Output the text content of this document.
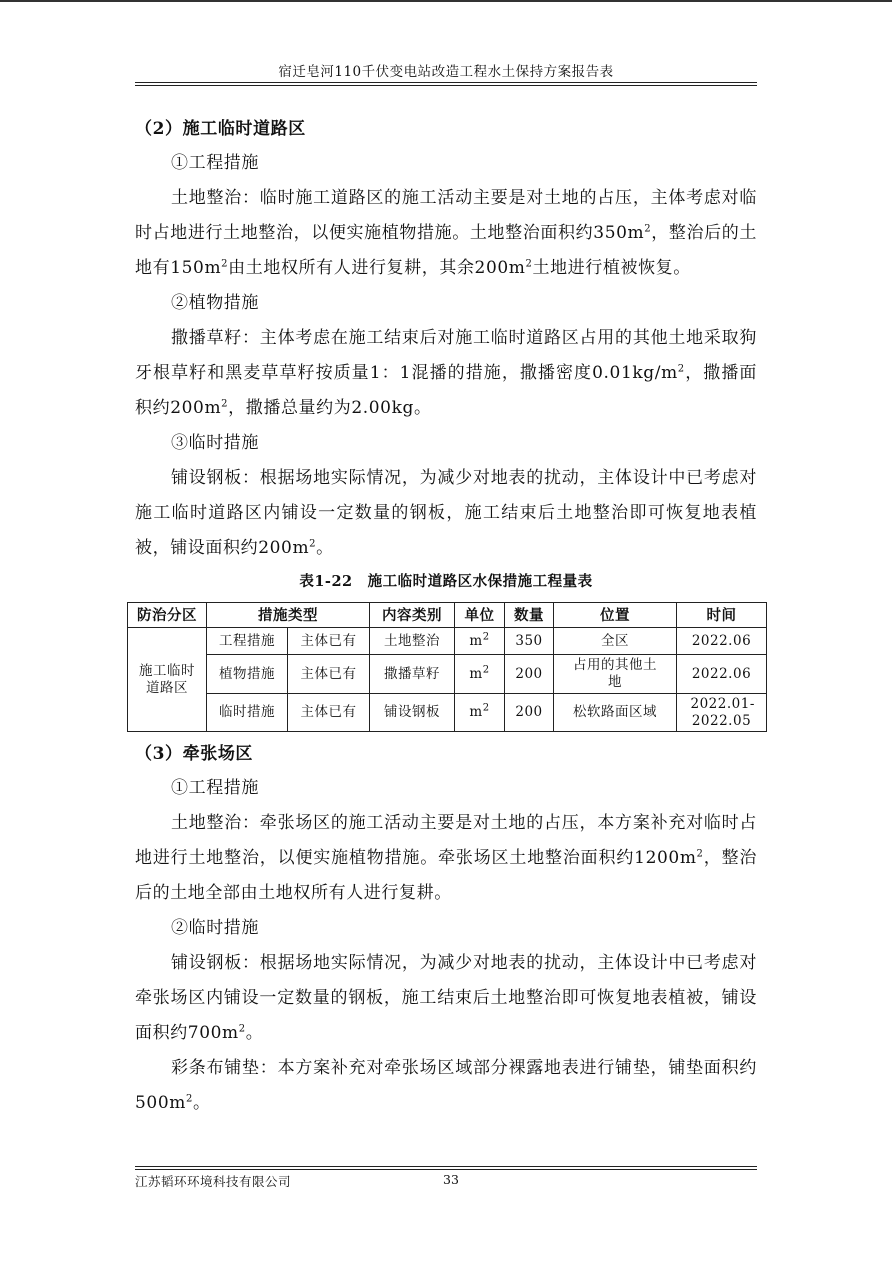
宿迁皂河110千伏变电站改造工程水土保持方案报告表
（2）施工临时道路区
①工程措施
土地整治：临时施工道路区的施工活动主要是对土地的占压，主体考虑对临时占地进行土地整治，以便实施植物措施。土地整治面积约$350m^2$，整治后的土地有$150m^2$由土地权所有人进行复耕，其余$200m^2$土地进行植被恢复。
②植物措施
撒播草籽：主体考虑在施工结束后对施工临时道路区占用的其他土地采取狗牙根草籽和黑麦草草籽按质量1：1混播的措施，撒播密度$0.01kg/m^2$，撒播面积约$200m^2$，撒播总量约为2.00kg。
③临时措施
铺设钢板：根据场地实际情况，为减少对地表的扰动，主体设计中已考虑对施工临时道路区内铺设一定数量的钢板，施工结束后土地整治即可恢复地表植被，铺设面积约$200m^2$。
表1-22　施工临时道路区水保措施工程量表
防治分区	措施类型		内容类别	单位	数量	位置	时间
施工临时道路区	工程措施	主体已有	土地整治	$m^2$	350	全区	2022.06
	植物措施	主体已有	撒播草籽	$m^2$	200	占用的其他土地	2022.06
	临时措施	主体已有	铺设钢板	$m^2$	200	松软路面区域	2022.01-2022.05
（3）牵张场区
①工程措施
土地整治：牵张场区的施工活动主要是对土地的占压，本方案补充对临时占地进行土地整治，以便实施植物措施。牵张场区土地整治面积约$1200m^2$，整治后的土地全部由土地权所有人进行复耕。
②临时措施
铺设钢板：根据场地实际情况，为减少对地表的扰动，主体设计中已考虑对牵张场区内铺设一定数量的钢板，施工结束后土地整治即可恢复地表植被，铺设面积约$700m^2$。
彩条布铺垫：本方案补充对牵张场区域部分裸露地表进行铺垫，铺垫面积约$500m^2$。
江苏韬环环境科技有限公司	33
